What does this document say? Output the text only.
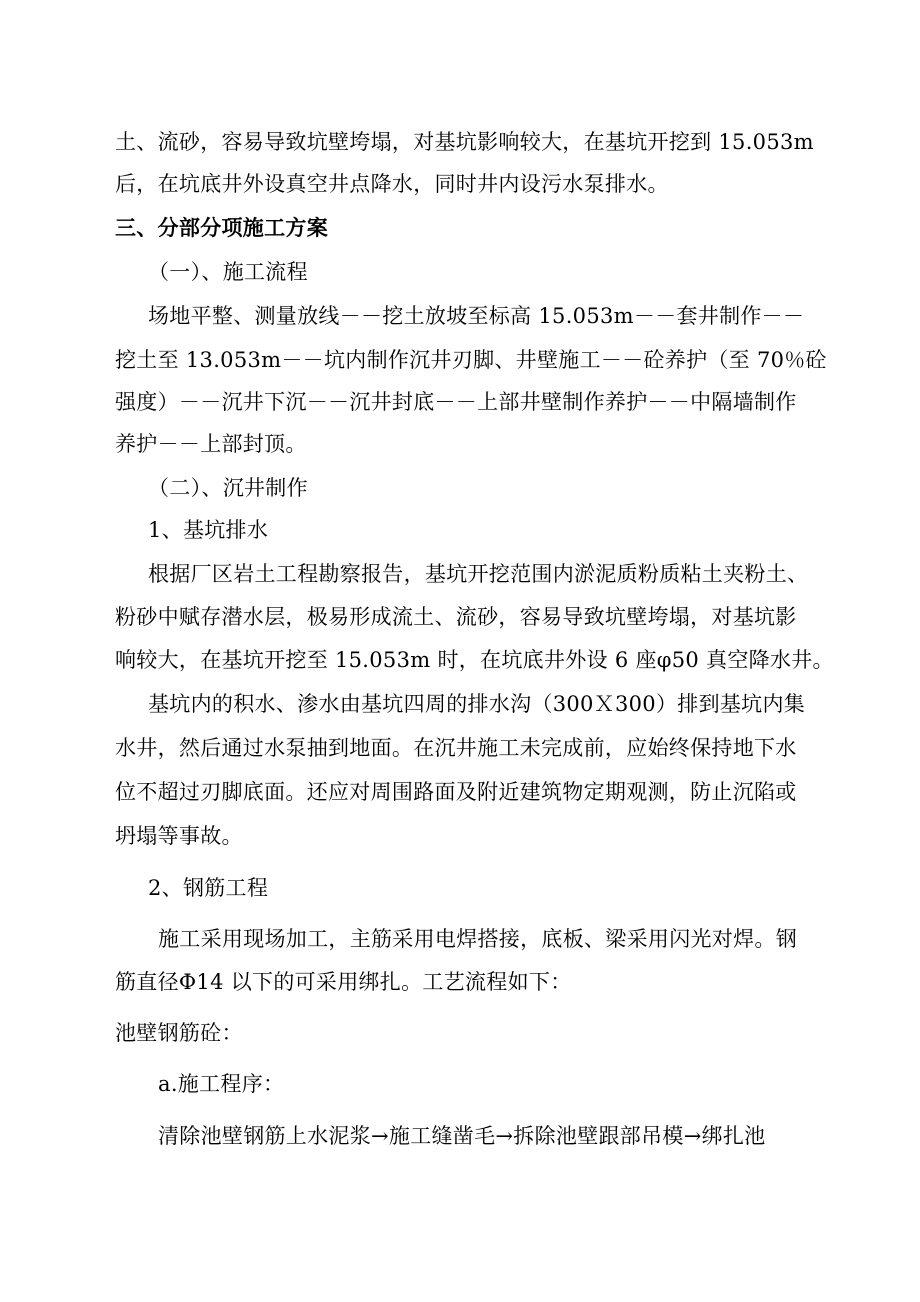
土、流砂，容易导致坑壁垮塌，对基坑影响较大，在基坑开挖到 15.053m
后，在坑底井外设真空井点降水，同时井内设污水泵排水。
三、分部分项施工方案
（一）、施工流程
场地平整、测量放线－－挖土放坡至标高 15.053m－－套井制作－－
挖土至 13.053m－－坑内制作沉井刃脚、井壁施工－－砼养护（至 70％砼
强度）－－沉井下沉－－沉井封底－－上部井壁制作养护－－中隔墙制作
养护－－上部封顶。
（二）、沉井制作
1、基坑排水
根据厂区岩土工程勘察报告，基坑开挖范围内淤泥质粉质粘土夹粉土、
粉砂中赋存潜水层，极易形成流土、流砂，容易导致坑壁垮塌，对基坑影
响较大，在基坑开挖至 15.053m 时，在坑底井外设 6 座φ50 真空降水井。
基坑内的积水、渗水由基坑四周的排水沟（300Ｘ300）排到基坑内集
水井，然后通过水泵抽到地面。在沉井施工未完成前，应始终保持地下水
位不超过刃脚底面。还应对周围路面及附近建筑物定期观测，防止沉陷或
坍塌等事故。
2、钢筋工程
施工采用现场加工，主筋采用电焊搭接，底板、梁采用闪光对焊。钢
筋直径Φ14 以下的可采用绑扎。工艺流程如下：
池壁钢筋砼：
a.施工程序：
清除池壁钢筋上水泥浆→施工缝凿毛→拆除池壁跟部吊模→绑扎池
